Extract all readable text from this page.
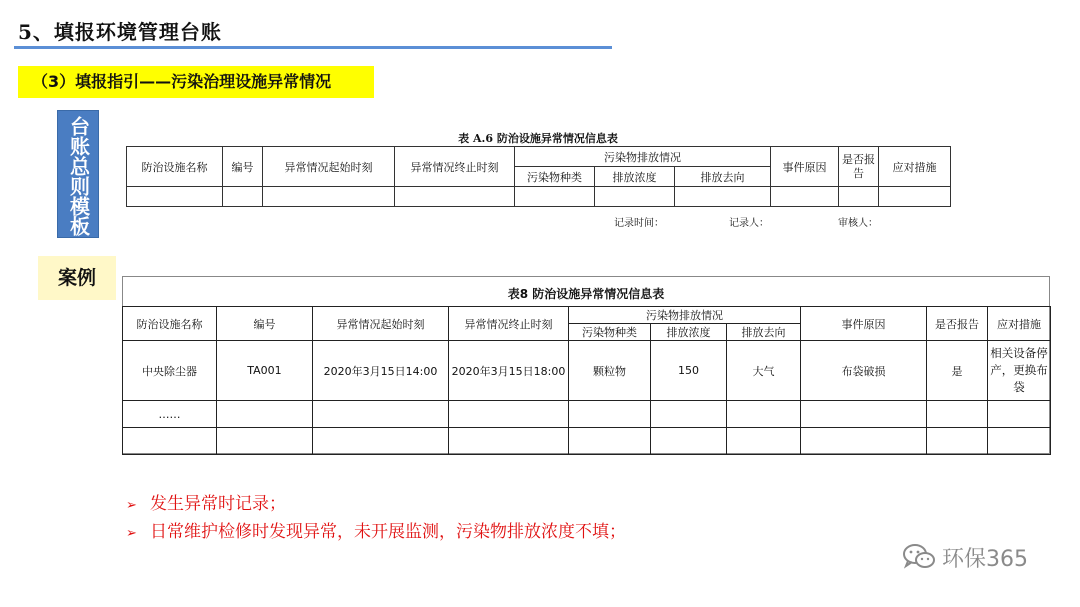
5、填报环境管理台账
（3）填报指引——污染治理设施异常情况
台账总则模板
案例
表 A.6 防治设施异常情况信息表
防治设施名称	编号	异常情况起始时刻	异常情况终止时刻	污染物排放情况			事件原因	是否报告	应对措施
				污染物种类	排放浓度	排放去向			

记录时间：	记录人：	审核人：
表8 防治设施异常情况信息表
防治设施名称	编号	异常情况起始时刻	异常情况终止时刻	污染物排放情况			事件原因	是否报告	应对措施
				污染物种类	排放浓度	排放去向			
中央除尘器	TA001	2020年3月15日14:00	2020年3月15日18:00	颗粒物	150	大气	布袋破损	是	相关设备停产，更换布袋
……									

➢ 发生异常时记录；
➢ 日常维护检修时发现异常，未开展监测，污染物排放浓度不填；
环保365
